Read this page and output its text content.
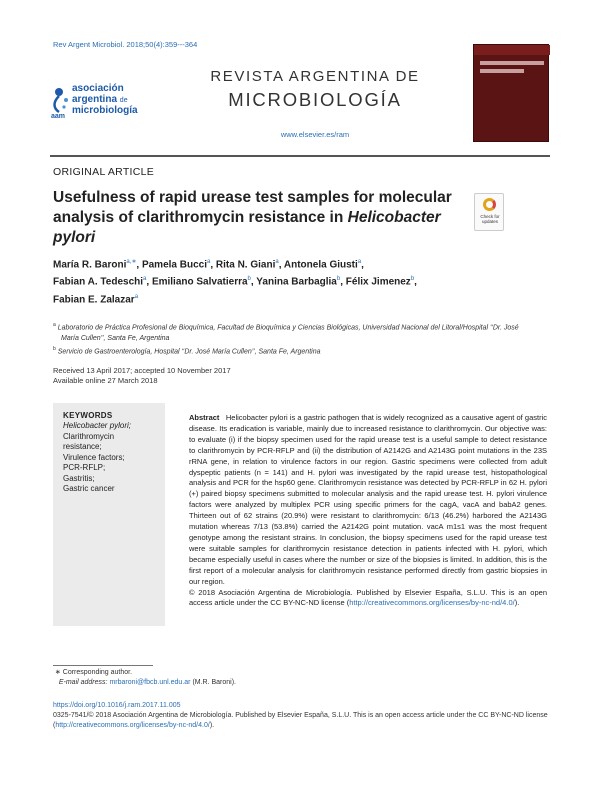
Rev Argent Microbiol. 2018;50(4):359---364
asociación
argentina de
microbiología
aam
REVISTA ARGENTINA DE
MICROBIOLOGÍA
www.elsevier.es/ram
ORIGINAL ARTICLE
Usefulness of rapid urease test samples for molecular analysis of clarithromycin resistance in Helicobacter pylori
Check for updates
María R. Baroni$^{a,∗}$, Pamela Bucci$^a$, Rita N. Giani$^a$, Antonela Giusti$^a$,
Fabian A. Tedeschi$^a$, Emiliano Salvatierra$^b$, Yanina Barbaglia$^b$, Félix Jimenez$^b$,
Fabian E. Zalazar$^a$
$^a$ Laboratorio de Práctica Profesional de Bioquímica, Facultad de Bioquímica y Ciencias Biológicas, Universidad Nacional del Litoral/Hospital ‘‘Dr. José María Cullen’’, Santa Fe, Argentina
$^b$ Servicio de Gastroenterología, Hospital ‘‘Dr. José María Cullen’’, Santa Fe, Argentina
Received 13 April 2017; accepted 10 November 2017
Available online 27 March 2018
KEYWORDS
Helicobacter pylori;
Clarithromycin resistance;
Virulence factors;
PCR-RFLP;
Gastritis;
Gastric cancer

Abstract Helicobacter pylori is a gastric pathogen that is widely recognized as a causative agent of gastric disease. Its eradication is variable, mainly due to increased resistance to clarithromycin. Our objective was: to evaluate (i) if the biopsy specimen used for the rapid urease test is a useful sample to detect resistance to clarithromycin by PCR-RFLP and (ii) the distribution of A2142G and A2143G point mutations in the 23S rRNA gene, in relation to virulence factors in our region. Gastric specimens were collected from adult dyspeptic patients (n = 141) and H. pylori was investigated by the rapid urease test, histopathological analysis and PCR for the hsp60 gene. Clarithromycin resistance was detected by PCR-RFLP in 62 H. pylori (+) paired biopsy specimens submitted to molecular analysis and the rapid urease test. H. pylori virulence factors were analyzed by multiplex PCR using specific primers for the cagA, vacA and babA2 genes. Thirteen out of 62 strains (20.9%) were resistant to clarithromycin: 6/13 (46.2%) harbored the A2143G mutation whereas 7/13 (53.8%) carried the A2142G point mutation. vacA m1s1 was the most frequent genotype among the resistant strains. In conclusion, the biopsy specimens used for the rapid urease test were suitable samples for clarithromycin resistance detection in patients infected with H. pylori, which became especially useful in cases where the number or size of the biopsies is limited. In addition, this is the first report of a molecular analysis for clarithromycin resistance performed directly from gastric biopsies in our region.

© 2018 Asociación Argentina de Microbiología. Published by Elsevier España, S.L.U. This is an open access article under the CC BY-NC-ND license (http://creativecommons.org/licenses/by-nc-nd/4.0/).

∗ Corresponding author.
E-mail address: mrbaroni@fbcb.unl.edu.ar (M.R. Baroni).
https://doi.org/10.1016/j.ram.2017.11.005
0325-7541/© 2018 Asociación Argentina de Microbiología. Published by Elsevier España, S.L.U. This is an open access article under the CC BY-NC-ND license (http://creativecommons.org/licenses/by-nc-nd/4.0/).
